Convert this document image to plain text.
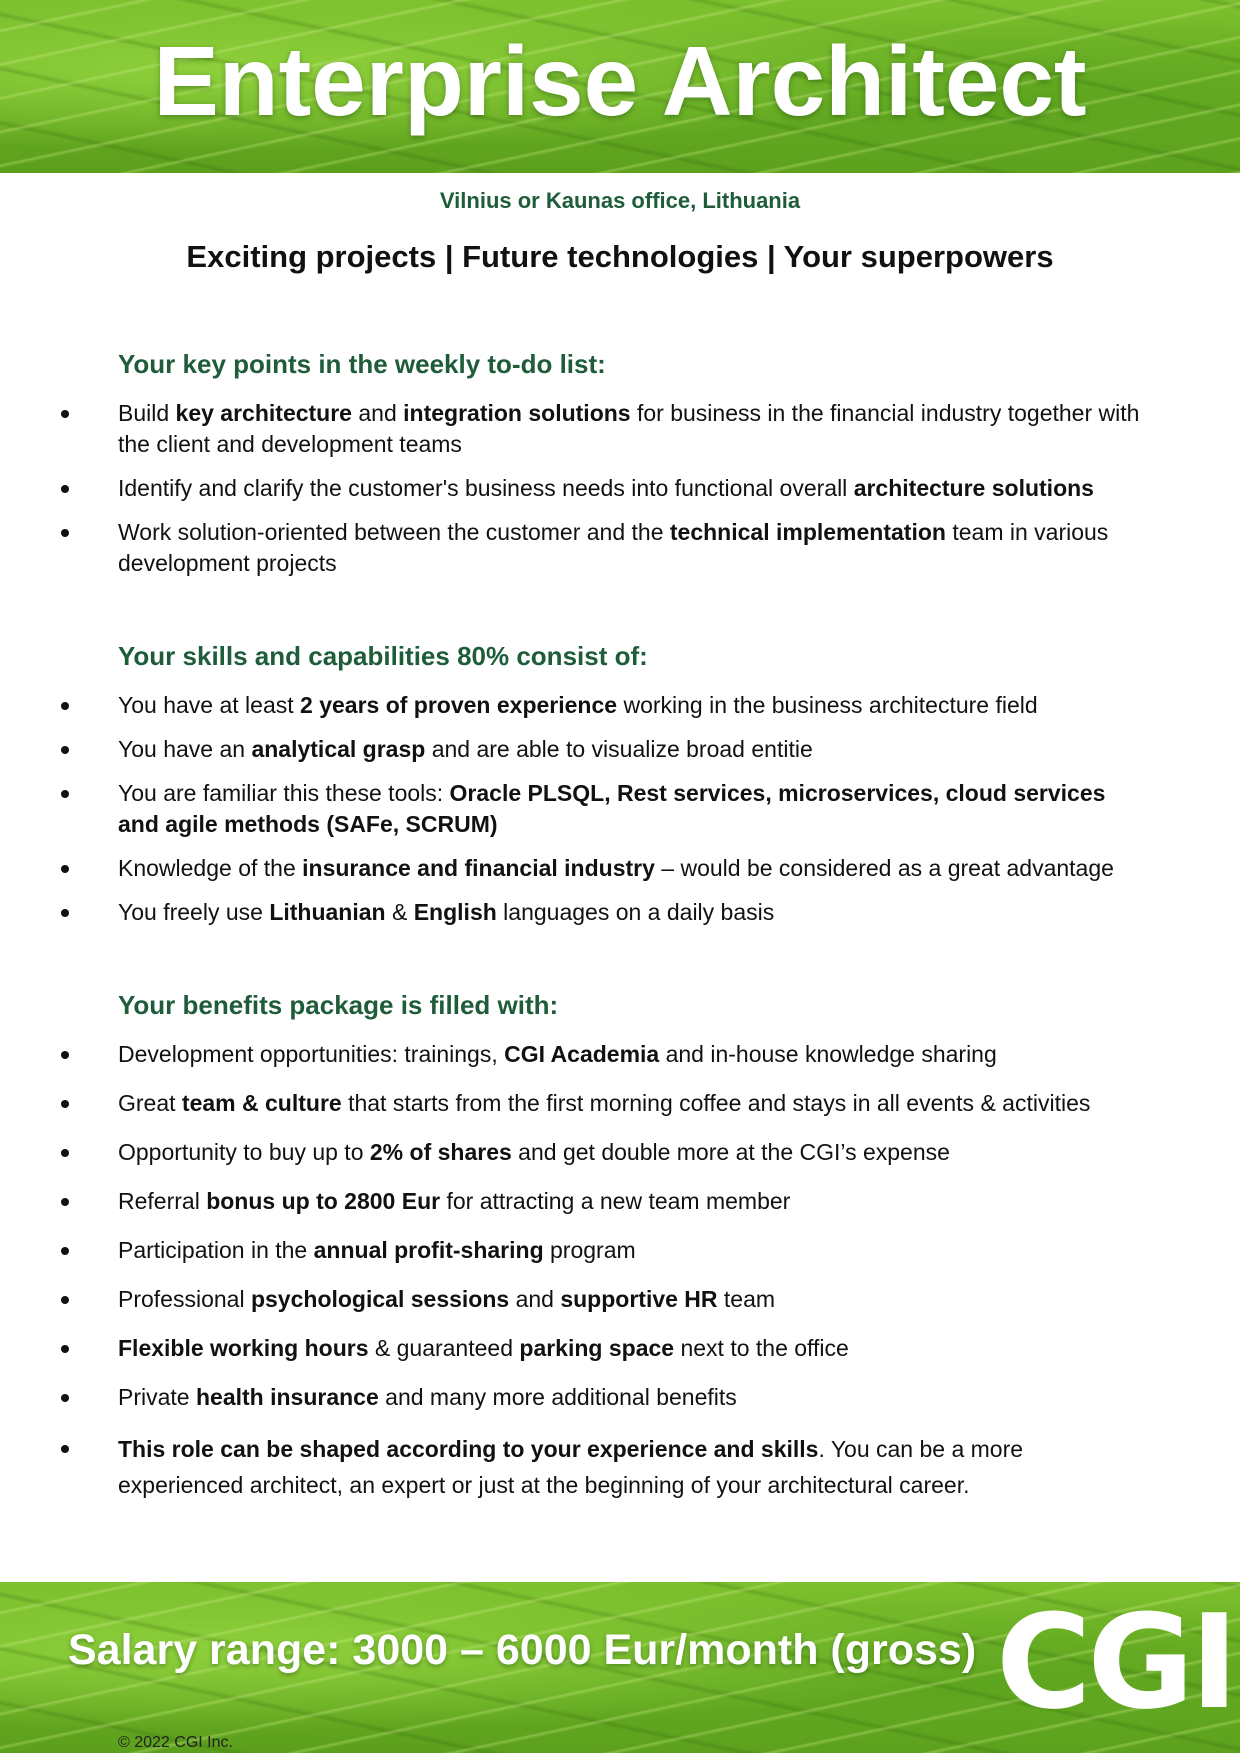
Enterprise Architect
Vilnius or Kaunas office, Lithuania
Exciting projects | Future technologies | Your superpowers
Your key points in the weekly to-do list:
Build key architecture and integration solutions for business in the financial industry together with the client and development teams
Identify and clarify the customer's business needs into functional overall architecture solutions
Work solution-oriented between the customer and the technical implementation team in various development projects
Your skills and capabilities 80% consist of:
You have at least 2 years of proven experience working in the business architecture field
You have an analytical grasp and are able to visualize broad entitie
You are familiar this these tools: Oracle PLSQL, Rest services, microservices, cloud services and agile methods (SAFe, SCRUM)
Knowledge of the insurance and financial industry – would be considered as a great advantage
You freely use Lithuanian & English languages on a daily basis
Your benefits package is filled with:
Development opportunities: trainings, CGI Academia and in-house knowledge sharing
Great team & culture that starts from the first morning coffee and stays in all events & activities
Opportunity to buy up to 2% of shares and get double more at the CGI’s expense
Referral bonus up to 2800 Eur for attracting a new team member
Participation in the annual profit-sharing program
Professional psychological sessions and supportive HR team
Flexible working hours & guaranteed parking space next to the office
Private health insurance and many more additional benefits
This role can be shaped according to your experience and skills. You can be a more experienced architect, an expert or just at the beginning of your architectural career.
Salary range: 3000 – 6000 Eur/month (gross) CGI
© 2022 CGI Inc.
